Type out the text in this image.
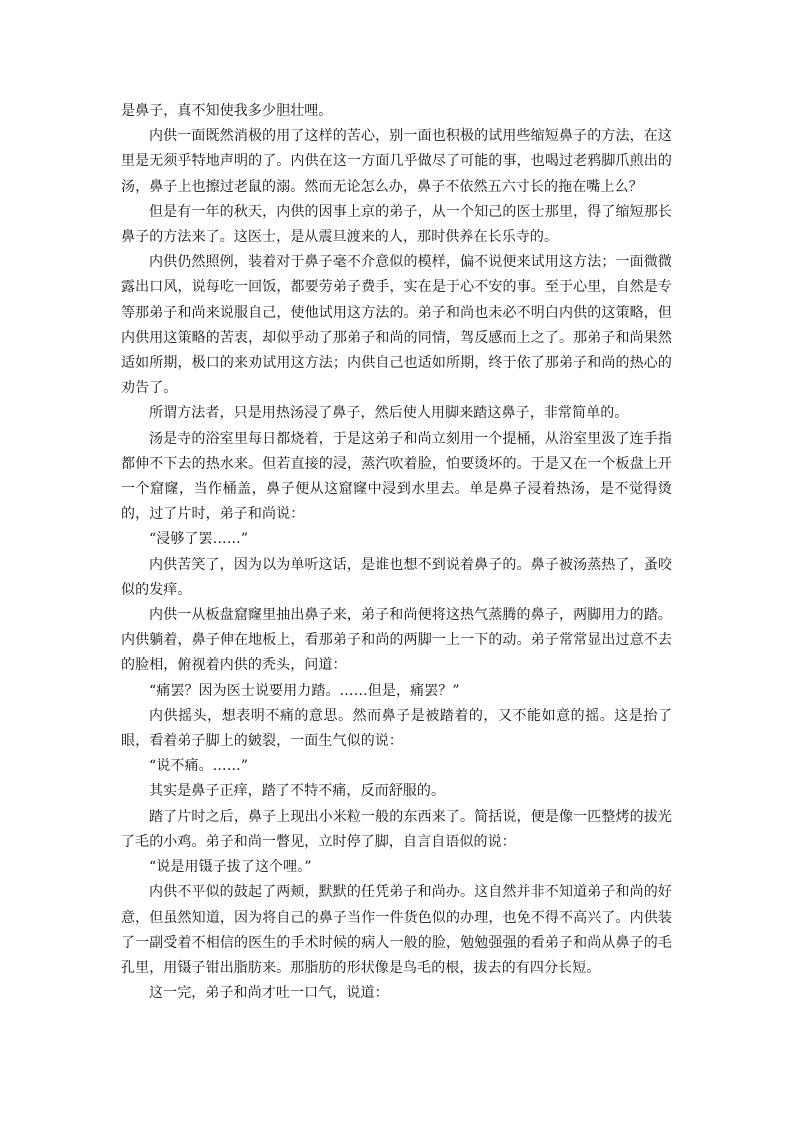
是鼻子，真不知使我多少胆壮哩。

内供一面既然消极的用了这样的苦心，别一面也积极的试用些缩短鼻子的方法，在这里是无须乎特地声明的了。内供在这一方面几乎做尽了可能的事，也喝过老鸦脚爪煎出的汤，鼻子上也擦过老鼠的溺。然而无论怎么办，鼻子不依然五六寸长的拖在嘴上么？

但是有一年的秋天，内供的因事上京的弟子，从一个知己的医士那里，得了缩短那长鼻子的方法来了。这医士，是从震旦渡来的人，那时供养在长乐寺的。

内供仍然照例，装着对于鼻子毫不介意似的模样，偏不说便来试用这方法；一面微微露出口风，说每吃一回饭，都要劳弟子费手，实在是于心不安的事。至于心里，自然是专等那弟子和尚来说服自己，使他试用这方法的。弟子和尚也未必不明白内供的这策略，但内供用这策略的苦衷，却似乎动了那弟子和尚的同情，驾反感而上之了。那弟子和尚果然适如所期，极口的来劝试用这方法；内供自己也适如所期，终于依了那弟子和尚的热心的劝告了。

所谓方法者，只是用热汤浸了鼻子，然后使人用脚来踏这鼻子，非常简单的。

汤是寺的浴室里每日都烧着，于是这弟子和尚立刻用一个提桶，从浴室里汲了连手指都伸不下去的热水来。但若直接的浸，蒸汽吹着脸，怕要烫坏的。于是又在一个板盘上开一个窟窿，当作桶盖，鼻子便从这窟窿中浸到水里去。单是鼻子浸着热汤，是不觉得烫的，过了片时，弟子和尚说：

“浸够了罢……”

内供苦笑了，因为以为单听这话，是谁也想不到说着鼻子的。鼻子被汤蒸热了，蚤咬似的发痒。

内供一从板盘窟窿里抽出鼻子来，弟子和尚便将这热气蒸腾的鼻子，两脚用力的踏。内供躺着，鼻子伸在地板上，看那弟子和尚的两脚一上一下的动。弟子常常显出过意不去的脸相，俯视着内供的秃头，问道：

“痛罢？因为医士说要用力踏。……但是，痛罢？”

内供摇头，想表明不痛的意思。然而鼻子是被踏着的，又不能如意的摇。这是抬了眼，看着弟子脚上的皴裂，一面生气似的说：

“说不痛。……”

其实是鼻子正痒，踏了不特不痛，反而舒服的。

踏了片时之后，鼻子上现出小米粒一般的东西来了。简括说，便是像一匹整烤的拔光了毛的小鸡。弟子和尚一瞥见，立时停了脚，自言自语似的说：

“说是用镊子拔了这个哩。”

内供不平似的鼓起了两颊，默默的任凭弟子和尚办。这自然并非不知道弟子和尚的好意，但虽然知道，因为将自己的鼻子当作一件货色似的办理，也免不得不高兴了。内供装了一副受着不相信的医生的手术时候的病人一般的脸，勉勉强强的看弟子和尚从鼻子的毛孔里，用镊子钳出脂肪来。那脂肪的形状像是鸟毛的根，拔去的有四分长短。

这一完，弟子和尚才吐一口气，说道：
